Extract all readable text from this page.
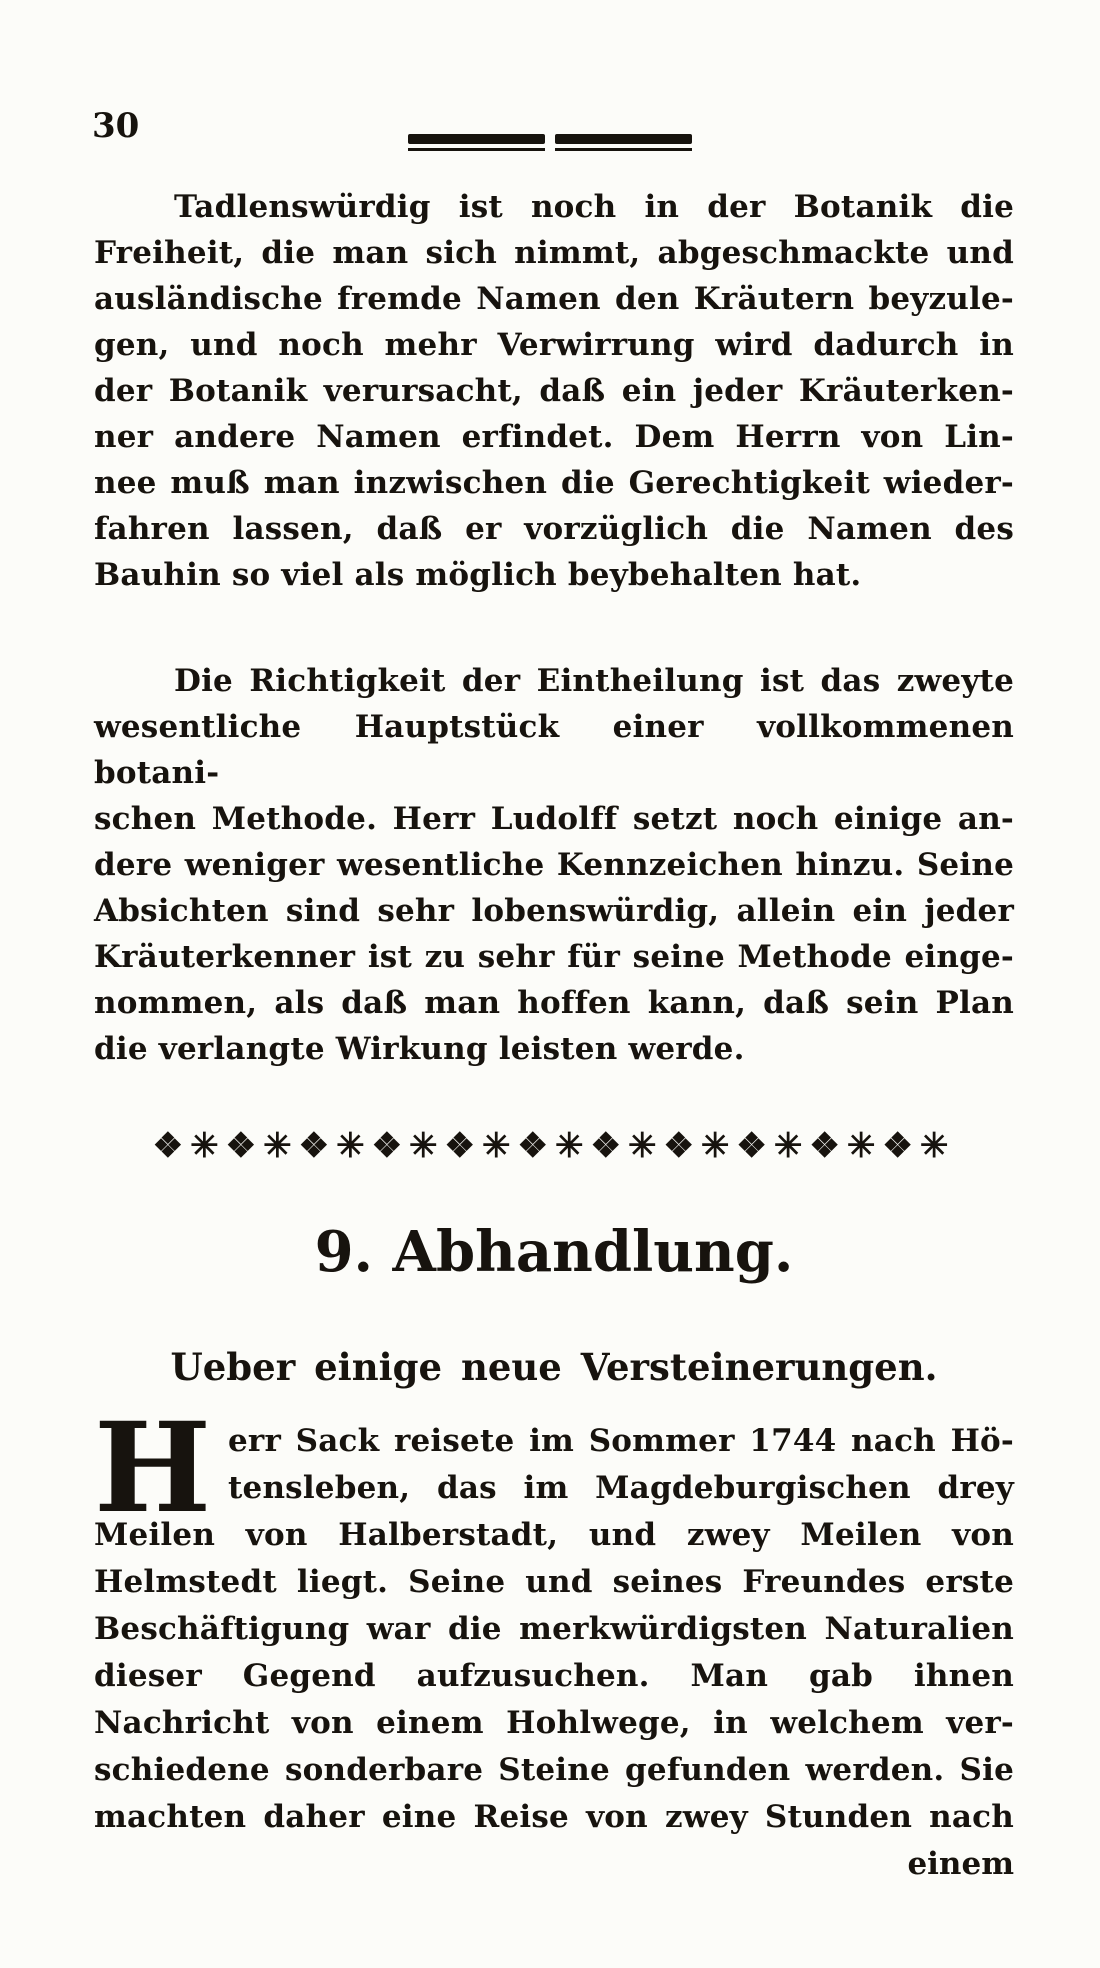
30
Tadlenswürdig ist noch in der Botanik die
Freiheit, die man sich nimmt, abgeschmackte und
ausländische fremde Namen den Kräutern beyzule-
gen, und noch mehr Verwirrung wird dadurch in
der Botanik verursacht, daß ein jeder Kräuterken-
ner andere Namen erfindet. Dem Herrn von Lin-
nee muß man inzwischen die Gerechtigkeit wieder-
fahren lassen, daß er vorzüglich die Namen des
Bauhin so viel als möglich beybehalten hat.
Die Richtigkeit der Eintheilung ist das zweyte
wesentliche Hauptstück einer vollkommenen botani-
schen Methode. Herr Ludolff setzt noch einige an-
dere weniger wesentliche Kennzeichen hinzu. Seine
Absichten sind sehr lobenswürdig, allein ein jeder
Kräuterkenner ist zu sehr für seine Methode einge-
nommen, als daß man hoffen kann, daß sein Plan
die verlangte Wirkung leisten werde.
❖✳❖✳❖✳❖✳❖✳❖✳❖✳❖✳❖✳❖✳❖✳
9. Abhandlung.
Ueber einige neue Versteinerungen.
H err Sack reisete im Sommer 1744 nach Hö-
tensleben, das im Magdeburgischen drey
Meilen von Halberstadt, und zwey Meilen von
Helmstedt liegt. Seine und seines Freundes erste
Beschäftigung war die merkwürdigsten Naturalien
dieser Gegend aufzusuchen. Man gab ihnen
Nachricht von einem Hohlwege, in welchem ver-
schiedene sonderbare Steine gefunden werden. Sie
machten daher eine Reise von zwey Stunden nach
einem
